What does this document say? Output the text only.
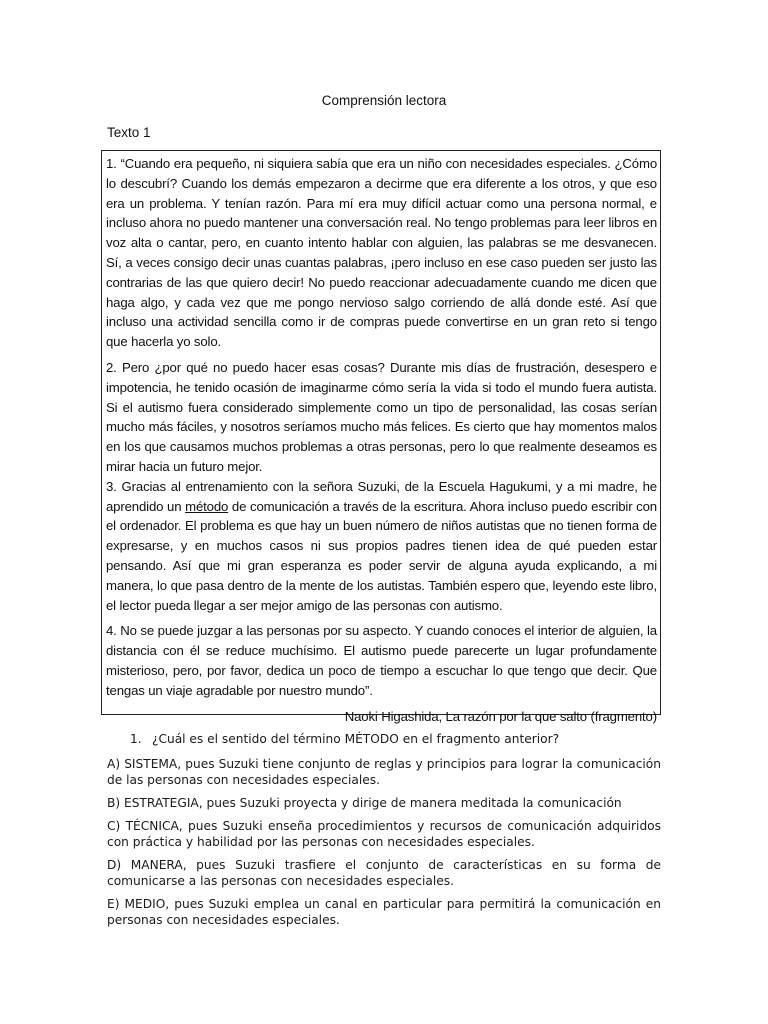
Comprensión lectora
Texto 1

1. “Cuando era pequeño, ni siquiera sabía que era un niño con necesidades especiales. ¿Cómo lo descubrí? Cuando los demás empezaron a decirme que era diferente a los otros, y que eso era un problema. Y tenían razón. Para mí era muy difícil actuar como una persona normal, e incluso ahora no puedo mantener una conversación real. No tengo problemas para leer libros en voz alta o cantar, pero, en cuanto intento hablar con alguien, las palabras se me desvanecen. Sí, a veces consigo decir unas cuantas palabras, ¡pero incluso en ese caso pueden ser justo las contrarias de las que quiero decir! No puedo reaccionar adecuadamente cuando me dicen que haga algo, y cada vez que me pongo nervioso salgo corriendo de allá donde esté. Así que incluso una actividad sencilla como ir de compras puede convertirse en un gran reto si tengo que hacerla yo solo.

2. Pero ¿por qué no puedo hacer esas cosas? Durante mis días de frustración, desespero e impotencia, he tenido ocasión de imaginarme cómo sería la vida si todo el mundo fuera autista. Si el autismo fuera considerado simplemente como un tipo de personalidad, las cosas serían mucho más fáciles, y nosotros seríamos mucho más felices. Es cierto que hay momentos malos en los que causamos muchos problemas a otras personas, pero lo que realmente deseamos es mirar hacia un futuro mejor.

3. Gracias al entrenamiento con la señora Suzuki, de la Escuela Hagukumi, y a mi madre, he aprendido un método de comunicación a través de la escritura. Ahora incluso puedo escribir con el ordenador. El problema es que hay un buen número de niños autistas que no tienen forma de expresarse, y en muchos casos ni sus propios padres tienen idea de qué pueden estar pensando. Así que mi gran esperanza es poder servir de alguna ayuda explicando, a mi manera, lo que pasa dentro de la mente de los autistas. También espero que, leyendo este libro, el lector pueda llegar a ser mejor amigo de las personas con autismo.

4. No se puede juzgar a las personas por su aspecto. Y cuando conoces el interior de alguien, la distancia con él se reduce muchísimo. El autismo puede parecerte un lugar profundamente misterioso, pero, por favor, dedica un poco de tiempo a escuchar lo que tengo que decir. Que tengas un viaje agradable por nuestro mundo”.

Naoki Higashida, La razón por la que salto (fragmento)

1. ¿Cuál es el sentido del término MÉTODO en el fragmento anterior?

A) SISTEMA, pues Suzuki tiene conjunto de reglas y principios para lograr la comunicación de las personas con necesidades especiales.

B) ESTRATEGIA, pues Suzuki proyecta y dirige de manera meditada la comunicación

C) TÉCNICA, pues Suzuki enseña procedimientos y recursos de comunicación adquiridos con práctica y habilidad por las personas con necesidades especiales.

D) MANERA, pues Suzuki trasfiere el conjunto de características en su forma de comunicarse a las personas con necesidades especiales.

E) MEDIO, pues Suzuki emplea un canal en particular para permitirá la comunicación en personas con necesidades especiales.
